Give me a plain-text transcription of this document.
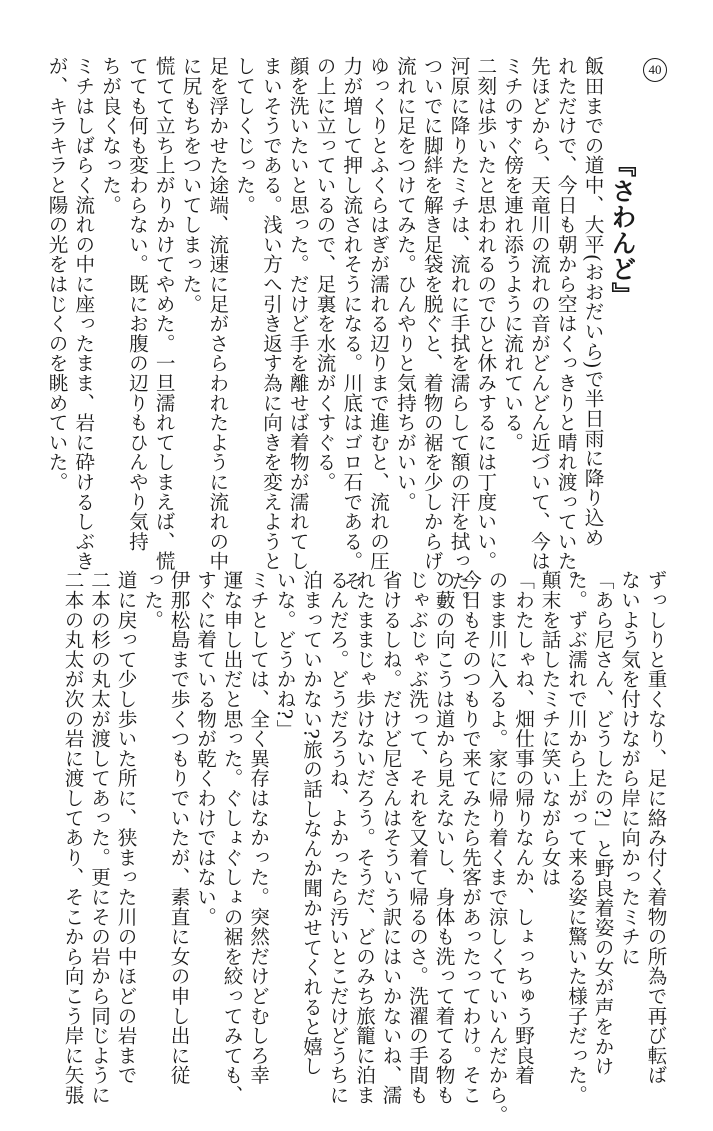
40
『さわんど』
飯田までの道中、大平(おおだいら)で半日雨に降り込め
れただけで、今日も朝から空はくっきりと晴れ渡っていた。
先ほどから、天竜川の流れの音がどんどん近づいて、今は
ミチのすぐ傍を連れ添うように流れている。
二刻は歩いたと思われるのでひと休みするには丁度いい。
河原に降りたミチは、流れに手拭を濡らして額の汗を拭った。
ついでに脚絆を解き足袋を脱ぐと、着物の裾を少しからげ、
流れに足をつけてみた。ひんやりと気持ちがいい。
ゆっくりとふくらはぎが濡れる辺りまで進むと、流れの圧
力が増して押し流されそうになる。川底はゴロ石である。そ
の上に立っているので、足裏を水流がくすぐる。
顔を洗いたいと思った。だけど手を離せば着物が濡れてし
まいそうである。浅い方へ引き返す為に向きを変えようと
してしくじった。
足を浮かせた途端、流速に足がさらわれたように流れの中
に尻もちをついてしまった。
慌てて立ち上がりかけてやめた。一旦濡れてしまえば、慌
てても何も変わらない。既にお腹の辺りもひんやり気持
ちが良くなった。
ミチはしばらく流れの中に座ったまま、岩に砕けるしぶき
が、キラキラと陽の光をはじくのを眺めていた。
ずっしりと重くなり、足に絡み付く着物の所為で再び転ば
ないよう気を付けながら岸に向かったミチに
「あら尼さん、どうしたの?」と野良着姿の女が声をかけ
た。ずぶ濡れで川から上がって来る姿に驚いた様子だった。
顛末を話したミチに笑いながら女は
「わたしゃね、畑仕事の帰りなんか、しょっちゅう野良着
のまま川に入るよ。家に帰り着くまで涼しくていいんだから。
今日もそのつもりで来てみたら先客があったってわけ。そこ
の藪の向こうは道から見えないし、身体も洗って着てる物も
じゃぶじゃぶ洗って、それを又着て帰るのさ。洗濯の手間も
省けるしね。だけど尼さんはそういう訳にはいかないね、濡
れたままじゃ歩けないだろう。そうだ、どのみち旅籠に泊ま
るんだろ。どうだろうね、よかったら汚いとこだけどうちに
泊まっていかない?旅の話しなんか聞かせてくれると嬉し
いな。どうかね?」
ミチとしては、全く異存はなかった。突然だけどむしろ幸
運な申し出だと思った。ぐしょぐしょの裾を絞ってみても、
すぐに着ている物が乾くわけではない。
伊那松島まで歩くつもりでいたが、素直に女の申し出に従
った。
道に戻って少し歩いた所に、狭まった川の中ほどの岩まで
二本の杉の丸太が渡してあった。更にその岩から同じように
二本の丸太が次の岩に渡してあり、そこから向こう岸に矢張
